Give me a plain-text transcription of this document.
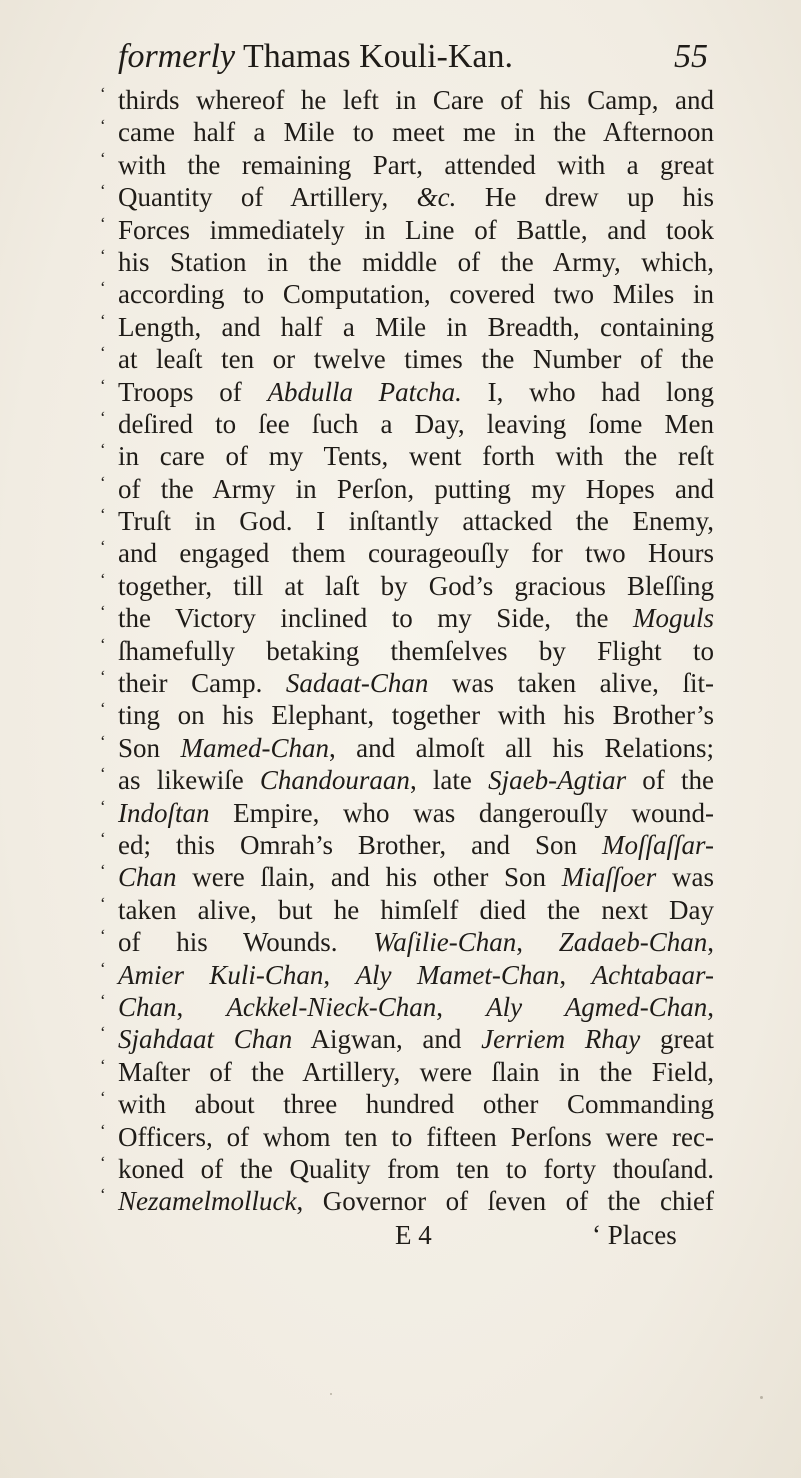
formerly Thamas Kouli-Kan.	55
‘ thirds whereof he left in Care of his Camp, and
‘ came half a Mile to meet me in the Afternoon
‘ with the remaining Part, attended with a great
‘ Quantity of Artillery, &c. He drew up his
‘ Forces immediately in Line of Battle, and took
‘ his Station in the middle of the Army, which,
‘ according to Computation, covered two Miles in
‘ Length, and half a Mile in Breadth, containing
‘ at leaſt ten or twelve times the Number of the
‘ Troops of Abdulla Patcha. I, who had long
‘ deſired to ſee ſuch a Day, leaving ſome Men
‘ in care of my Tents, went forth with the reſt
‘ of the Army in Perſon, putting my Hopes and
‘ Truſt in God. I inſtantly attacked the Enemy,
‘ and engaged them courageouſly for two Hours
‘ together, till at laſt by God’s gracious Bleſſing
‘ the Victory inclined to my Side, the Moguls
‘ ſhamefully betaking themſelves by Flight to
‘ their Camp. Sadaat-Chan was taken alive, ſit-
‘ ting on his Elephant, together with his Brother’s
‘ Son Mamed-Chan, and almoſt all his Relations;
‘ as likewiſe Chandouraan, late Sjaeb-Agtiar of the
‘ Indoſtan Empire, who was dangerouſly wound-
‘ ed; this Omrah’s Brother, and Son Moſſaſſar-
‘ Chan were ſlain, and his other Son Miaſſoer was
‘ taken alive, but he himſelf died the next Day
‘ of his Wounds. Waſilie-Chan, Zadaeb-Chan,
‘ Amier Kuli-Chan, Aly Mamet-Chan, Achtabaar-
‘ Chan, Ackkel-Nieck-Chan, Aly Agmed-Chan,
‘ Sjahdaat Chan Aigwan, and Jerriem Rhay great
‘ Maſter of the Artillery, were ſlain in the Field,
‘ with about three hundred other Commanding
‘ Officers, of whom ten to fifteen Perſons were rec-
‘ koned of the Quality from ten to forty thouſand.
‘ Nezamelmolluck, Governor of ſeven of the chief
E 4	‘ Places
